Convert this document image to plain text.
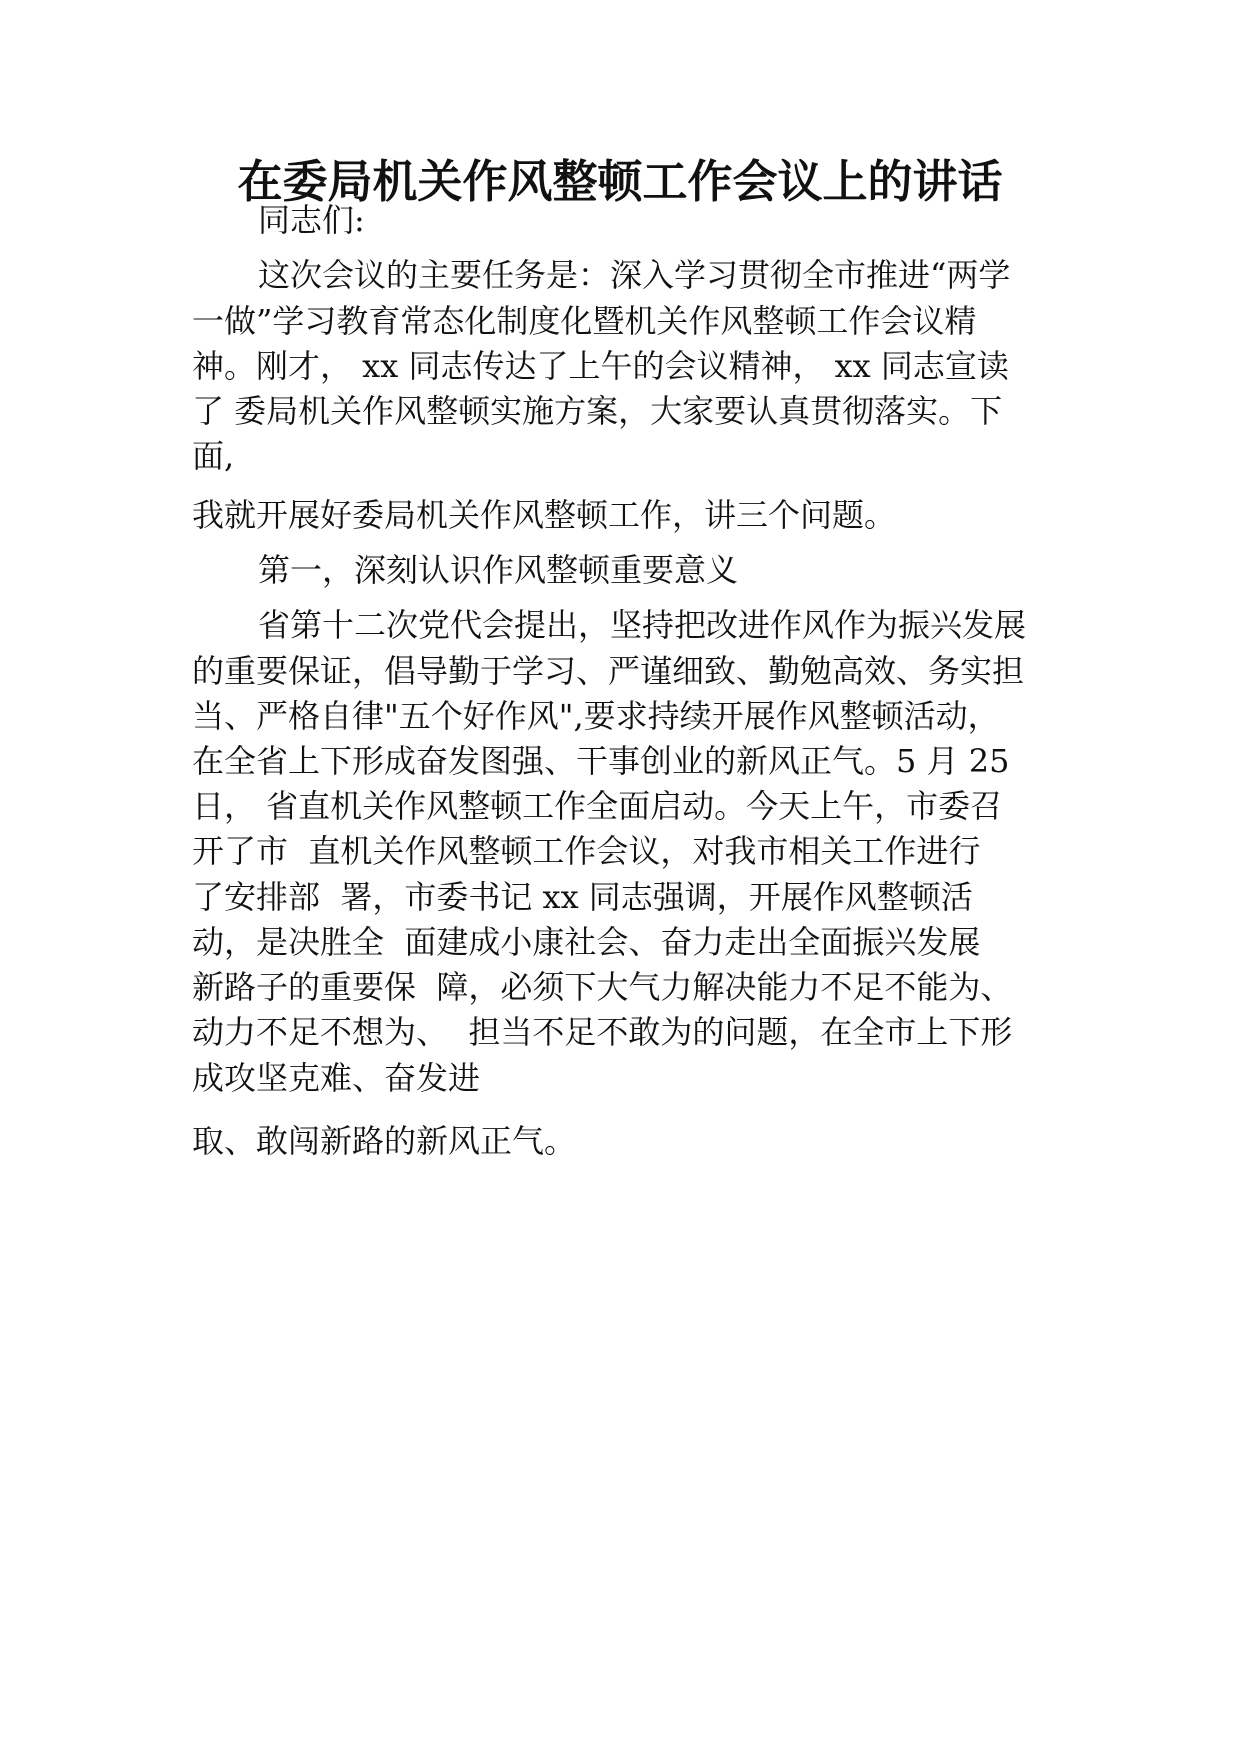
在委局机关作风整顿工作会议上的讲话

同志们:

这次会议的主要任务是：深入学习贯彻全市推进“两学

一做”学习教育常态化制度化暨机关作风整顿工作会议精

神。刚才， xx 同志传达了上午的会议精神， xx 同志宣读

了 委局机关作风整顿实施方案，大家要认真贯彻落实。下

面,

我就开展好委局机关作风整顿工作，讲三个问题。

第一，深刻认识作风整顿重要意义

省第十二次党代会提出，坚持把改进作风作为振兴发展

的重要保证，倡导勤于学习、严谨细致、勤勉高效、务实担

当、严格自律"五个好作风",要求持续开展作风整顿活动，

在全省上下形成奋发图强、干事创业的新风正气。5 月 25

日， 省直机关作风整顿工作全面启动。今天上午，市委召

开了市  直机关作风整顿工作会议，对我市相关工作进行

了安排部  署，市委书记 xx 同志强调，开展作风整顿活

动，是决胜全  面建成小康社会、奋力走出全面振兴发展

新路子的重要保  障，必须下大气力解决能力不足不能为、

动力不足不想为、  担当不足不敢为的问题，在全市上下形

成攻坚克难、奋发进

取、敢闯新路的新风正气。
